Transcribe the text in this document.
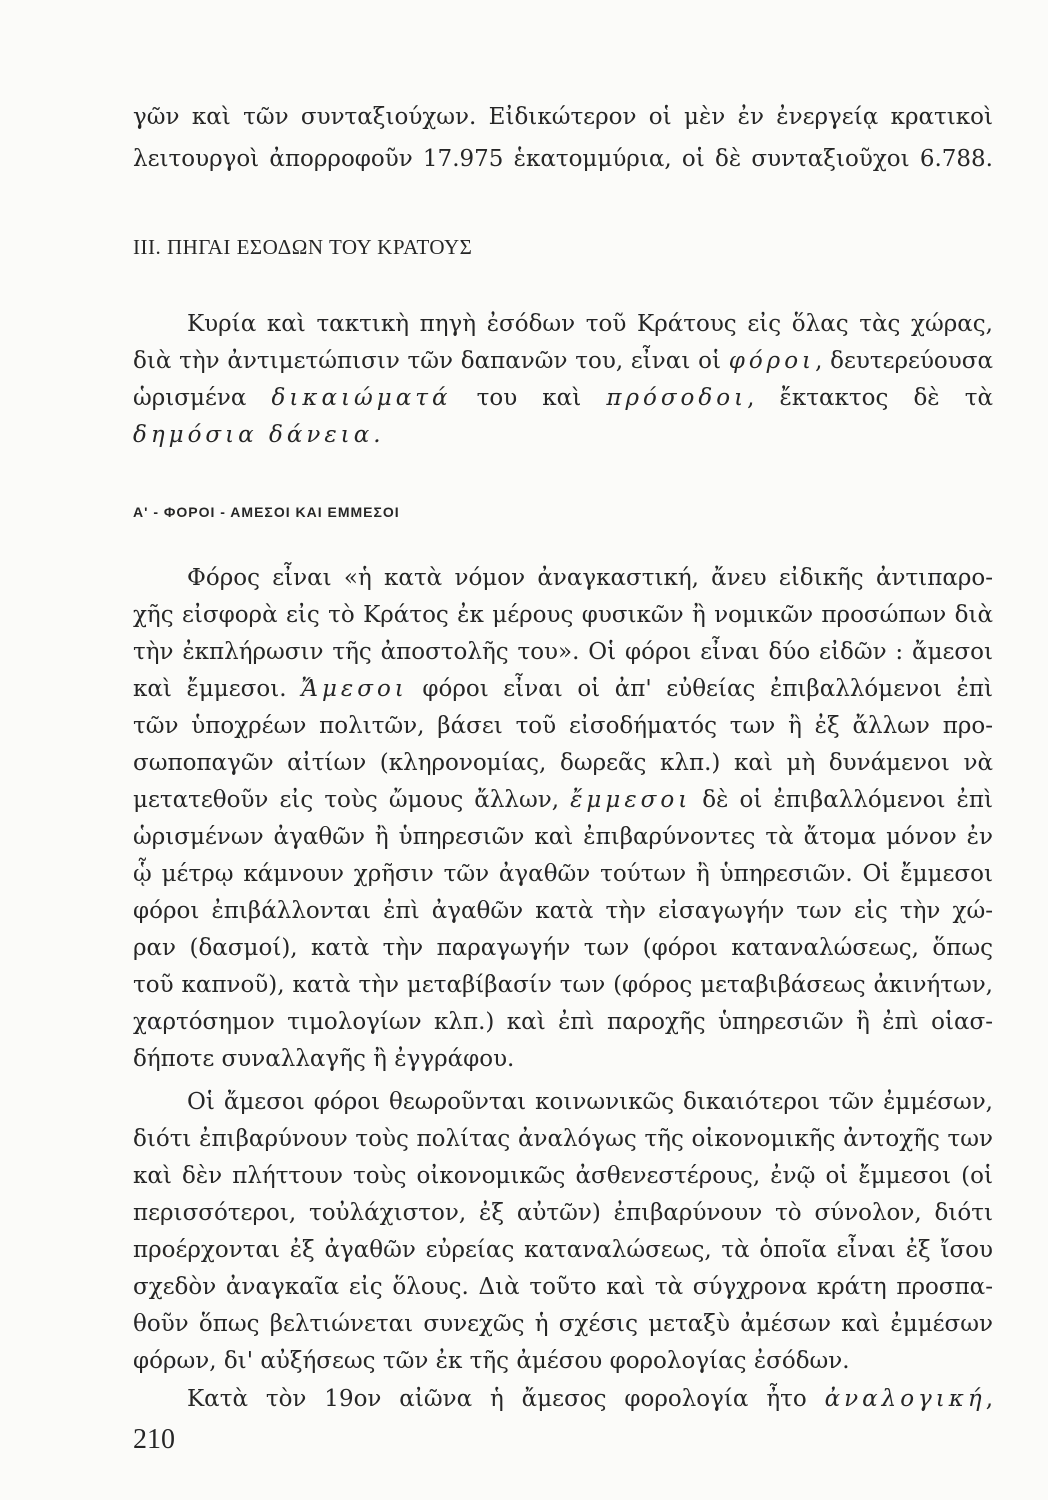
γῶν καὶ τῶν συνταξιούχων. Εἰδικώτερον οἱ μὲν ἐν ἐνεργείᾳ κρατικοὶ
λειτουργοὶ ἀπορροφοῦν 17.975 ἑκατομμύρια, οἱ δὲ συνταξιοῦχοι 6.788.
ΙΙΙ. ΠΗΓΑΙ ΕΣΟΔΩΝ ΤΟΥ ΚΡΑΤΟΥΣ
Κυρία καὶ τακτικὴ πηγὴ ἐσόδων τοῦ Κράτους εἰς ὅλας τὰς χώρας,
διὰ τὴν ἀντιμετώπισιν τῶν δαπανῶν του, εἶναι οἱ φόροι, δευτερεύουσα
ὡρισμένα δικαιώματά του καὶ πρόσοδοι, ἔκτακτος δὲ τὰ
δημόσια δάνεια.
Α' - ΦΟΡΟΙ - ΑΜΕΣΟΙ ΚΑΙ ΕΜΜΕΣΟΙ
Φόρος εἶναι «ἡ κατὰ νόμον ἀναγκαστική, ἄνευ εἰδικῆς ἀντιπαρο-
χῆς εἰσφορὰ εἰς τὸ Κράτος ἐκ μέρους φυσικῶν ἢ νομικῶν προσώπων διὰ
τὴν ἐκπλήρωσιν τῆς ἀποστολῆς του». Οἱ φόροι εἶναι δύο εἰδῶν : ἄμεσοι
καὶ ἔμμεσοι. Ἄμεσοι φόροι εἶναι οἱ ἀπ' εὐθείας ἐπιβαλλόμενοι ἐπὶ
τῶν ὑποχρέων πολιτῶν, βάσει τοῦ εἰσοδήματός των ἢ ἐξ ἄλλων προ-
σωποπαγῶν αἰτίων (κληρονομίας, δωρεᾶς κλπ.) καὶ μὴ δυνάμενοι νὰ
μετατεθοῦν εἰς τοὺς ὤμους ἄλλων, ἔμμεσοι δὲ οἱ ἐπιβαλλόμενοι ἐπὶ
ὡρισμένων ἀγαθῶν ἢ ὑπηρεσιῶν καὶ ἐπιβαρύνοντες τὰ ἄτομα μόνον ἐν
ᾧ μέτρῳ κάμνουν χρῆσιν τῶν ἀγαθῶν τούτων ἢ ὑπηρεσιῶν. Οἱ ἔμμεσοι
φόροι ἐπιβάλλονται ἐπὶ ἀγαθῶν κατὰ τὴν εἰσαγωγήν των εἰς τὴν χώ-
ραν (δασμοί), κατὰ τὴν παραγωγήν των (φόροι καταναλώσεως, ὅπως
τοῦ καπνοῦ), κατὰ τὴν μεταβίβασίν των (φόρος μεταβιβάσεως ἀκινήτων,
χαρτόσημον τιμολογίων κλπ.) καὶ ἐπὶ παροχῆς ὑπηρεσιῶν ἢ ἐπὶ οἱασ-
δήποτε συναλλαγῆς ἢ ἐγγράφου.
Οἱ ἄμεσοι φόροι θεωροῦνται κοινωνικῶς δικαιότεροι τῶν ἐμμέσων,
διότι ἐπιβαρύνουν τοὺς πολίτας ἀναλόγως τῆς οἰκονομικῆς ἀντοχῆς των
καὶ δὲν πλήττουν τοὺς οἰκονομικῶς ἀσθενεστέρους, ἐνῷ οἱ ἔμμεσοι (οἱ
περισσότεροι, τοὐλάχιστον, ἐξ αὐτῶν) ἐπιβαρύνουν τὸ σύνολον, διότι
προέρχονται ἐξ ἀγαθῶν εὐρείας καταναλώσεως, τὰ ὁποῖα εἶναι ἐξ ἴσου
σχεδὸν ἀναγκαῖα εἰς ὅλους. Διὰ τοῦτο καὶ τὰ σύγχρονα κράτη προσπα-
θοῦν ὅπως βελτιώνεται συνεχῶς ἡ σχέσις μεταξὺ ἀμέσων καὶ ἐμμέσων
φόρων, δι' αὐξήσεως τῶν ἐκ τῆς ἀμέσου φορολογίας ἐσόδων.
Κατὰ τὸν 19ον αἰῶνα ἡ ἄμεσος φορολογία ἦτο ἀναλογική,
210
